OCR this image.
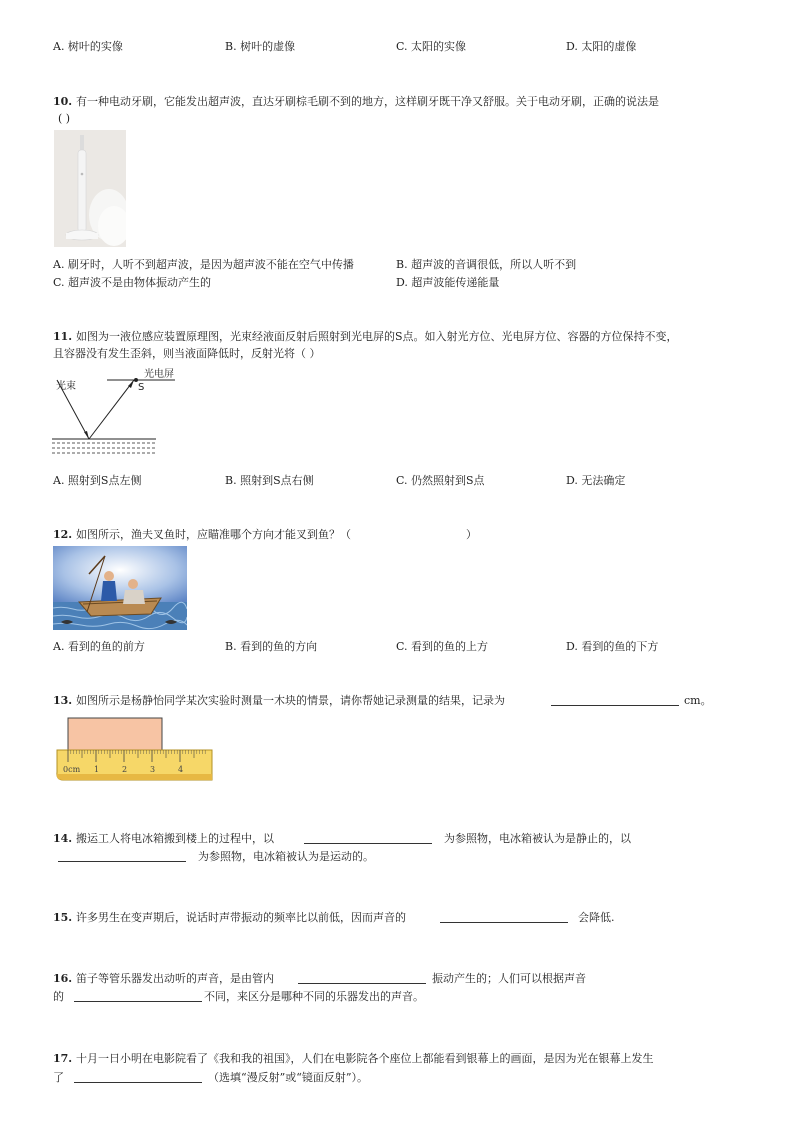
A. 树叶的实像	B. 树叶的虚像	C. 太阳的实像	D. 太阳的虚像
10. 有一种电动牙刷，它能发出超声波，直达牙刷棕毛刷不到的地方，这样刷牙既干净又舒服。关于电动牙刷，正确的说法是
( )
A. 刷牙时，人听不到超声波，是因为超声波不能在空气中传播	B. 超声波的音调很低，所以人听不到
C. 超声波不是由物体振动产生的	D. 超声波能传递能量
11. 如图为一液位感应装置原理图，光束经液面反射后照射到光电屏的S点。如入射光方位、光电屏方位、容器的方位保持不变，
且容器没有发生歪斜，则当液面降低时，反射光将（ ）
光束
光电屏
S
A. 照射到S点左侧	B. 照射到S点右侧	C. 仍然照射到S点	D. 无法确定
12. 如图所示，渔夫叉鱼时，应瞄准哪个方向才能叉到鱼？（	）
A. 看到的鱼的前方	B. 看到的鱼的方向	C. 看到的鱼的上方	D. 看到的鱼的下方
13. 如图所示是杨静怡同学某次实验时测量一木块的情景，请你帮她记录测量的结果，记录为	cm。
0cm 1	2	3	4
14. 搬运工人将电冰箱搬到楼上的过程中，以	为参照物，电冰箱被认为是静止的，以
为参照物，电冰箱被认为是运动的。
15. 许多男生在变声期后，说话时声带振动的频率比以前低，因而声音的	会降低.
16. 笛子等管乐器发出动听的声音，是由管内	振动产生的；人们可以根据声音
的	不同，来区分是哪种不同的乐器发出的声音。
17. 十月一日小明在电影院看了《我和我的祖国》，人们在电影院各个座位上都能看到银幕上的画面，是因为光在银幕上发生
了	（选填“漫反射”或“镜面反射”）。
